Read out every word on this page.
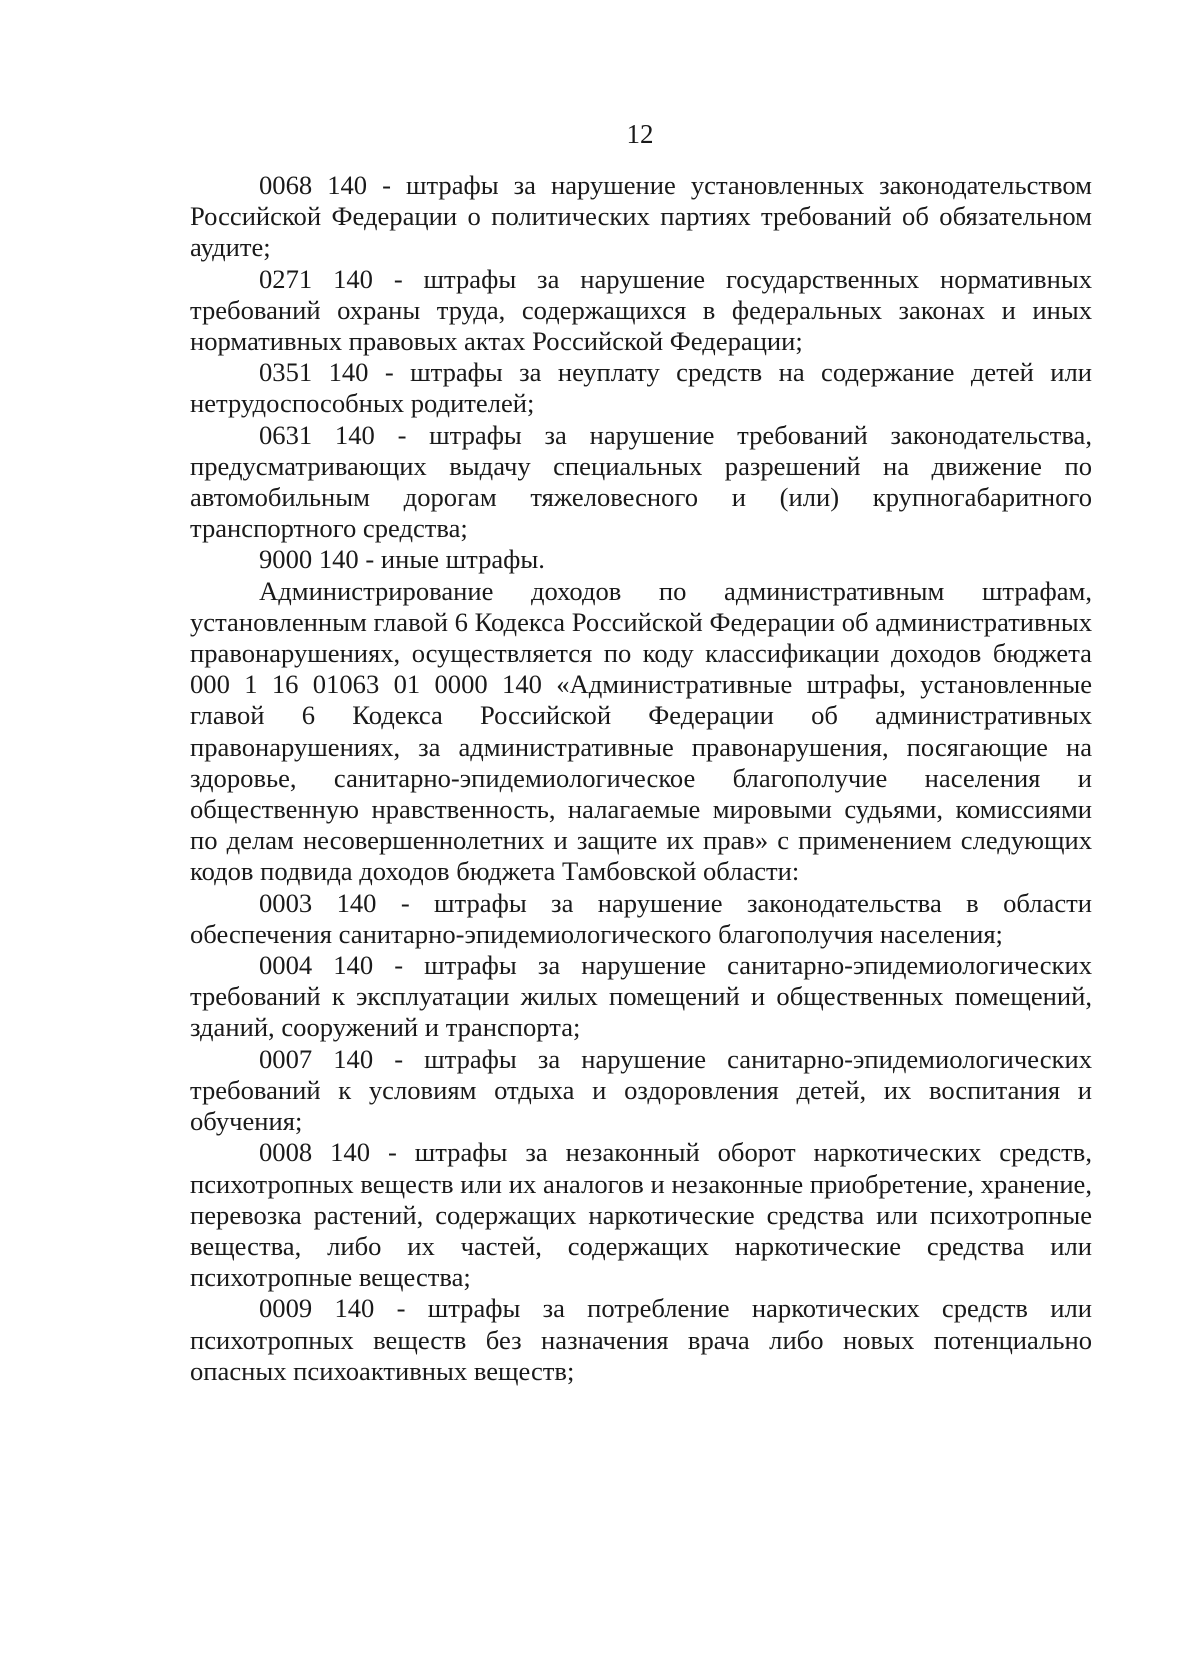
12

0068 140 - штрафы за нарушение установленных законодательством Российской Федерации о политических партиях требований об обязательном аудите;

0271 140 - штрафы за нарушение государственных нормативных требований охраны труда, содержащихся в федеральных законах и иных нормативных правовых актах Российской Федерации;

0351 140 - штрафы за неуплату средств на содержание детей или нетрудоспособных родителей;

0631 140 - штрафы за нарушение требований законодательства, предусматривающих выдачу специальных разрешений на движение по автомобильным дорогам тяжеловесного и (или) крупногабаритного транспортного средства;

9000 140 - иные штрафы.

Администрирование доходов по административным штрафам, установленным главой 6 Кодекса Российской Федерации об административных правонарушениях, осуществляется по коду классификации доходов бюджета 000 1 16 01063 01 0000 140 «Административные штрафы, установленные главой 6 Кодекса Российской Федерации об административных правонарушениях, за административные правонарушения, посягающие на здоровье, санитарно-эпидемиологическое благополучие населения и общественную нравственность, налагаемые мировыми судьями, комиссиями по делам несовершеннолетних и защите их прав» с применением следующих кодов подвида доходов бюджета Тамбовской области:

0003 140 - штрафы за нарушение законодательства в области обеспечения санитарно-эпидемиологического благополучия населения;

0004 140 - штрафы за нарушение санитарно-эпидемиологических требований к эксплуатации жилых помещений и общественных помещений, зданий, сооружений и транспорта;

0007 140 - штрафы за нарушение санитарно-эпидемиологических требований к условиям отдыха и оздоровления детей, их воспитания и обучения;

0008 140 - штрафы за незаконный оборот наркотических средств, психотропных веществ или их аналогов и незаконные приобретение, хранение, перевозка растений, содержащих наркотические средства или психотропные вещества, либо их частей, содержащих наркотические средства или психотропные вещества;

0009 140 - штрафы за потребление наркотических средств или психотропных веществ без назначения врача либо новых потенциально опасных психоактивных веществ;
